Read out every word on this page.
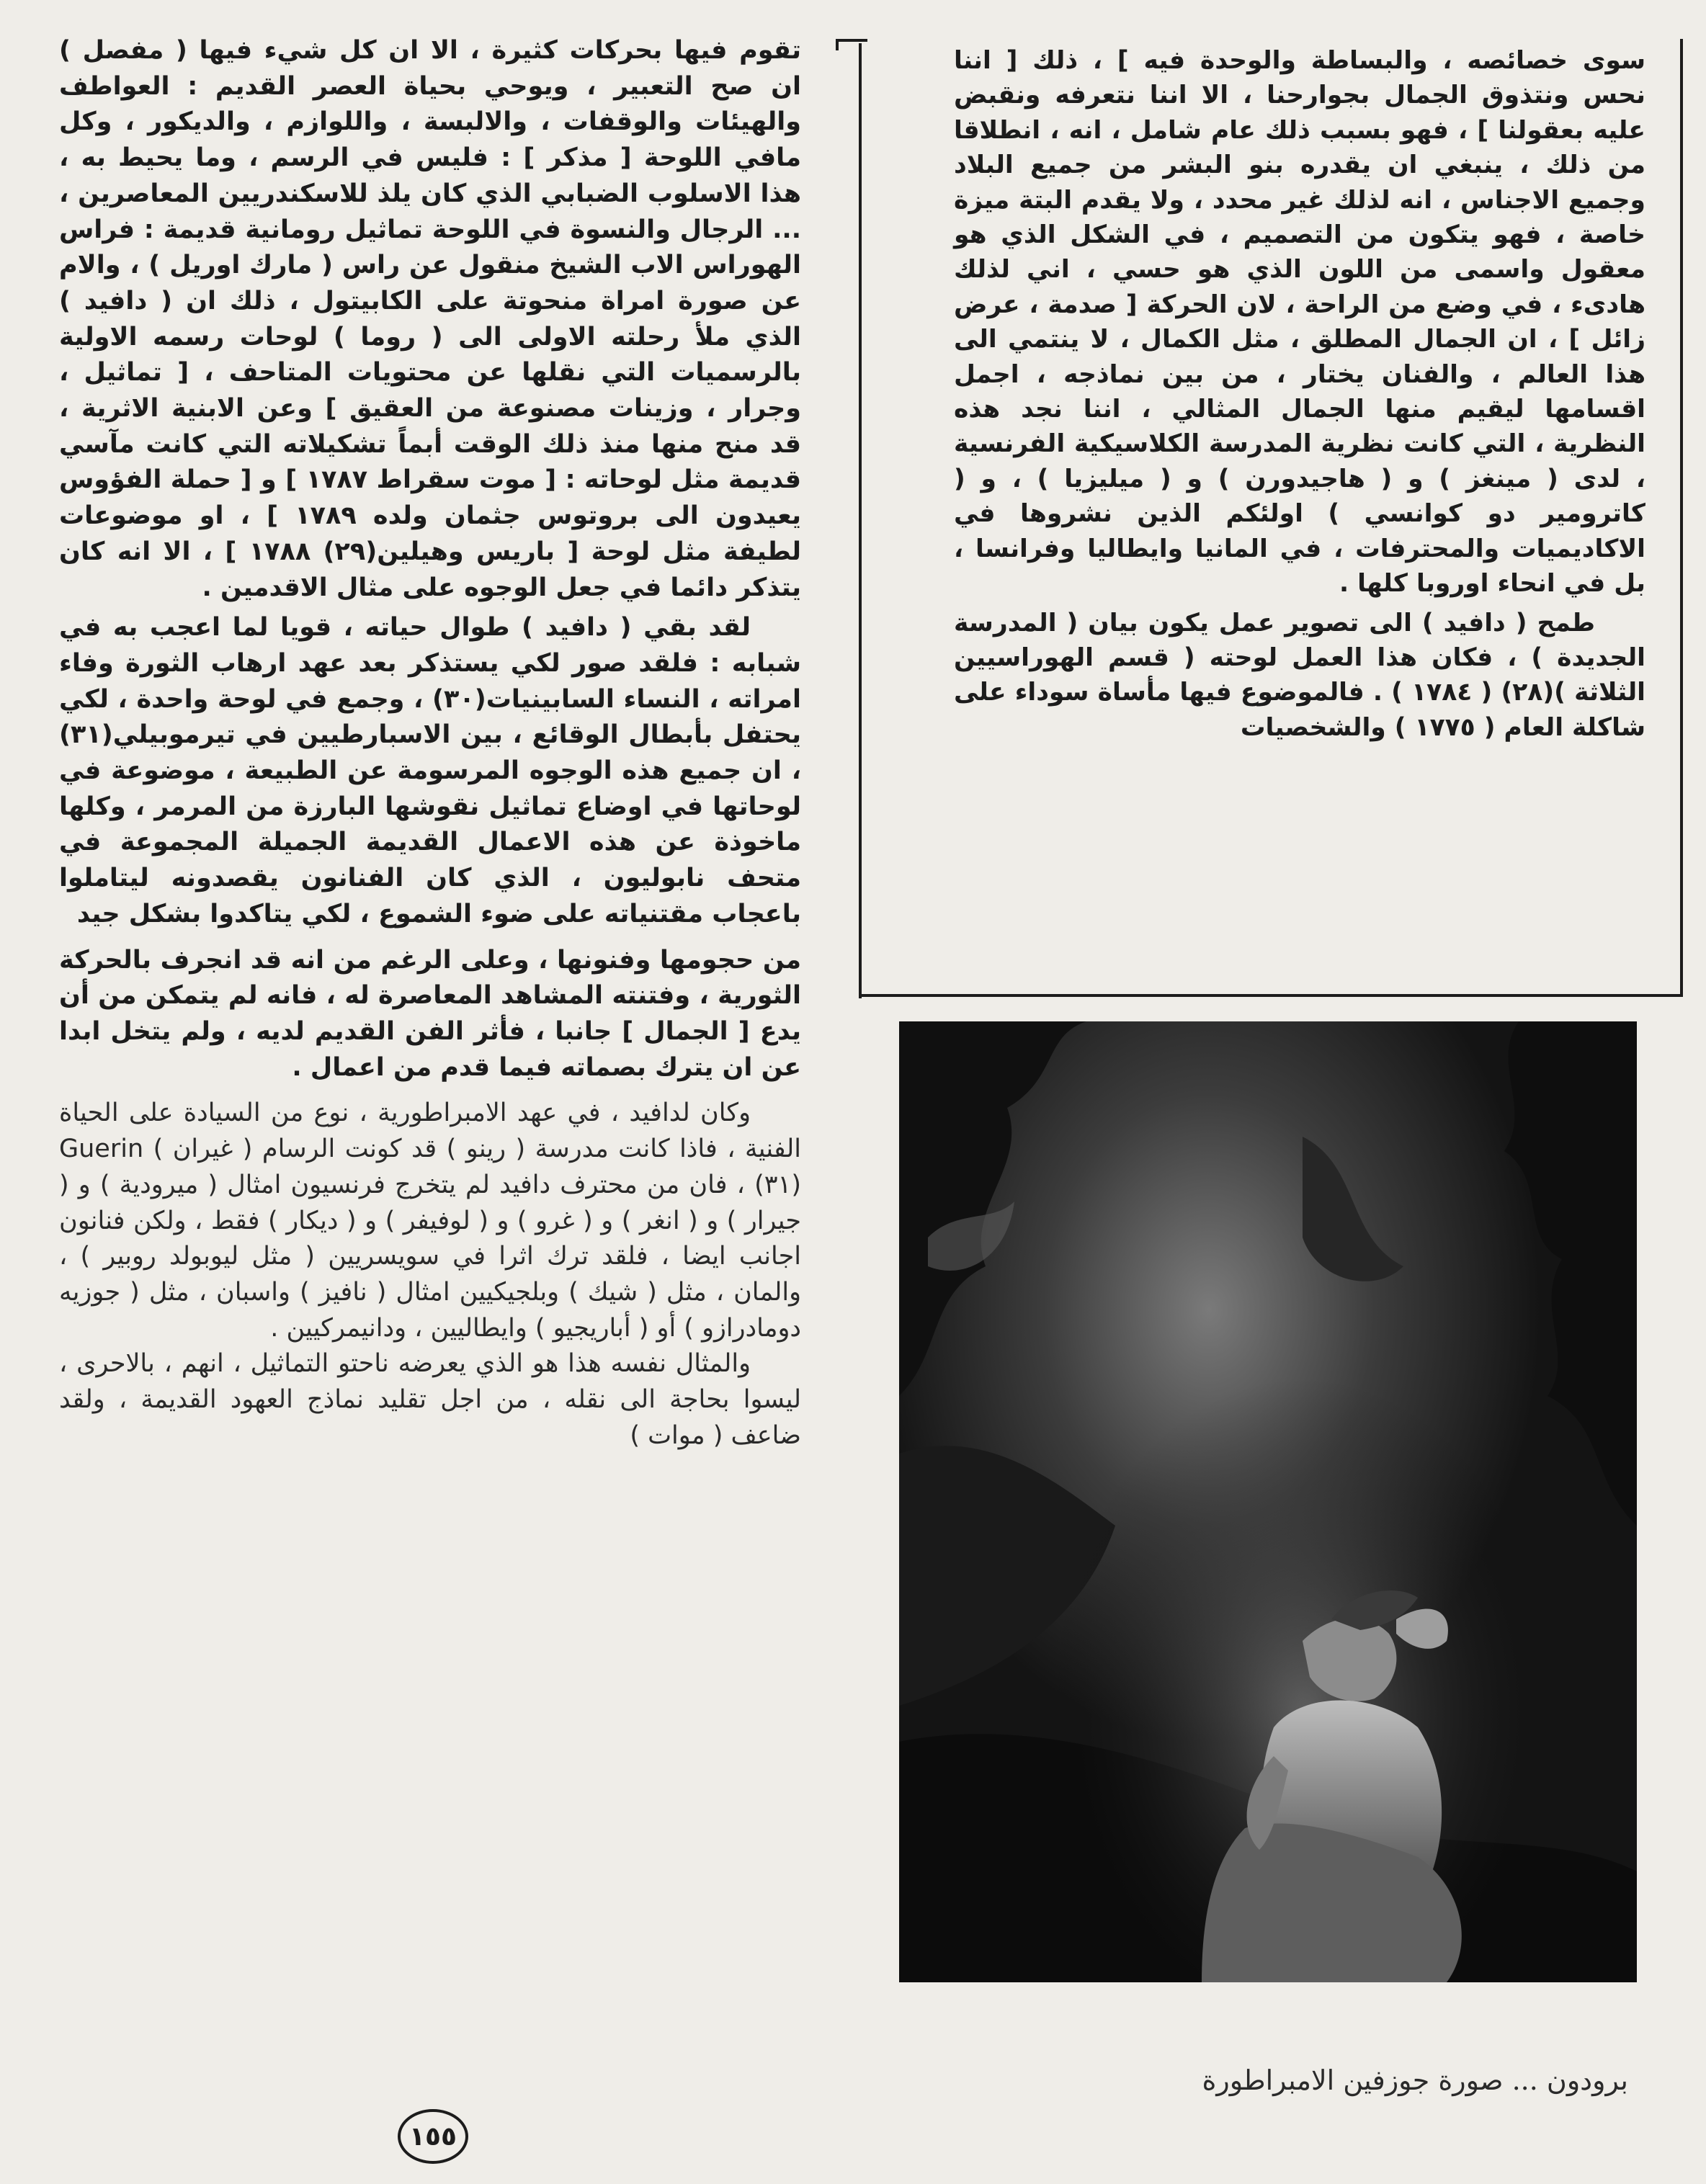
سوى خصائصه ، والبساطة والوحدة فيه ] ، ذلك [ اننا نحس ونتذوق الجمال بجوارحنا ، الا اننا نتعرفه ونقبض عليه بعقولنا ] ، فهو بسبب ذلك عام شامل ، انه ، انطلاقا من ذلك ، ينبغي ان يقدره بنو البشر من جميع البلاد وجميع الاجناس ، انه لذلك غير محدد ، ولا يقدم البتة ميزة خاصة ، فهو يتكون من التصميم ، في الشكل الذي هو معقول واسمى من اللون الذي هو حسي ، اني لذلك هادىء ، في وضع من الراحة ، لان الحركة [ صدمة ، عرض زائل ] ، ان الجمال المطلق ، مثل الكمال ، لا ينتمي الى هذا العالم ، والفنان يختار ، من بين نماذجه ، اجمل اقسامها ليقيم منها الجمال المثالي ، اننا نجد هذه النظرية ، التي كانت نظرية المدرسة الكلاسيكية الفرنسية ، لدى ( مينغز ) و ( هاجيدورن ) و ( ميليزيا ) ، و ( كاترومير دو كوانسي ) اولئكم الذين نشروها في الاكاديميات والمحترفات ، في المانيا وايطاليا وفرانسا ، بل في انحاء اوروبا كلها .

طمح ( دافيد ) الى تصوير عمل يكون بيان ( المدرسة الجديدة ) ، فكان هذا العمل لوحته ( قسم الهوراسيين الثلاثة )(٢٨) ( ١٧٨٤ ) . فالموضوع فيها مأساة سوداء على شاكلة العام ( ١٧٧٥ ) والشخصيات

تقوم فيها بحركات كثيرة ، الا ان كل شيء فيها ( مفصل ) ان صح التعبير ، ويوحي بحياة العصر القديم : العواطف والهيئات والوقفات ، والالبسة ، واللوازم ، والديكور ، وكل مافي اللوحة [ مذكر ] : فليس في الرسم ، وما يحيط به ، هذا الاسلوب الضبابي الذي كان يلذ للاسكندريين المعاصرين ، ... الرجال والنسوة في اللوحة تماثيل رومانية قديمة : فراس الهوراس الاب الشيخ منقول عن راس ( مارك اوريل ) ، والام عن صورة امراة منحوتة على الكابيتول ، ذلك ان ( دافيد ) الذي ملأ رحلته الاولى الى ( روما ) لوحات رسمه الاولية بالرسميات التي نقلها عن محتويات المتاحف ، [ تماثيل ، وجرار ، وزينات مصنوعة من العقيق ] وعن الابنية الاثرية ، قد منح منها منذ ذلك الوقت أبماً تشكيلاته التي كانت مآسي قديمة مثل لوحاته : [ موت سقراط ١٧٨٧ ] و [ حملة الفؤوس يعيدون الى بروتوس جثمان ولده ١٧٨٩ ] ، او موضوعات لطيفة مثل لوحة [ باريس وهيلين(٢٩) ١٧٨٨ ] ، الا انه كان يتذكر دائما في جعل الوجوه على مثال الاقدمين .

لقد بقي ( دافيد ) طوال حياته ، قويا لما اعجب به في شبابه : فلقد صور لكي يستذكر بعد عهد ارهاب الثورة وفاء امراته ، النساء السابينيات(٣٠) ، وجمع في لوحة واحدة ، لكي يحتفل بأبطال الوقائع ، بين الاسبارطيين في تيرموبيلي(٣١) ، ان جميع هذه الوجوه المرسومة عن الطبيعة ، موضوعة في لوحاتها في اوضاع تماثيل نقوشها البارزة من المرمر ، وكلها ماخوذة عن هذه الاعمال القديمة الجميلة المجموعة في متحف نابوليون ، الذي كان الفنانون يقصدونه ليتاملوا باعجاب مقتنياته على ضوء الشموع ، لكي يتاكدوا بشكل جيد

من حجومها وفنونها ، وعلى الرغم من انه قد انجرف بالحركة الثورية ، وفتنته المشاهد المعاصرة له ، فانه لم يتمكن من أن يدع [ الجمال ] جانبا ، فأثر الفن القديم لديه ، ولم يتخل ابدا عن ان يترك بصماته فيما قدم من اعمال .

وكان لدافيد ، في عهد الامبراطورية ، نوع من السيادة على الحياة الفنية ، فاذا كانت مدرسة ( رينو ) قد كونت الرسام ( غيران ) Guerin (٣١) ، فان من محترف دافيد لم يتخرج فرنسيون امثال ( ميرودية ) و ( جيرار ) و ( انغر ) و ( غرو ) و ( لوفيفر ) و ( ديكار ) فقط ، ولكن فنانون اجانب ايضا ، فلقد ترك اثرا في سويسريين ( مثل ليوبولد روبير ) ، والمان ، مثل ( شيك ) وبلجيكيين امثال ( نافيز ) واسبان ، مثل ( جوزيه دومادرازو ) أو ( أباريجيو ) وايطاليين ، ودانيمركيين .

والمثال نفسه هذا هو الذي يعرضه ناحتو التماثيل ، انهم ، بالاحرى ، ليسوا بحاجة الى نقله ، من اجل تقليد نماذج العهود القديمة ، ولقد ضاعف ( موات )

برودون ... صورة جوزفين الامبراطورة
١٥٥
